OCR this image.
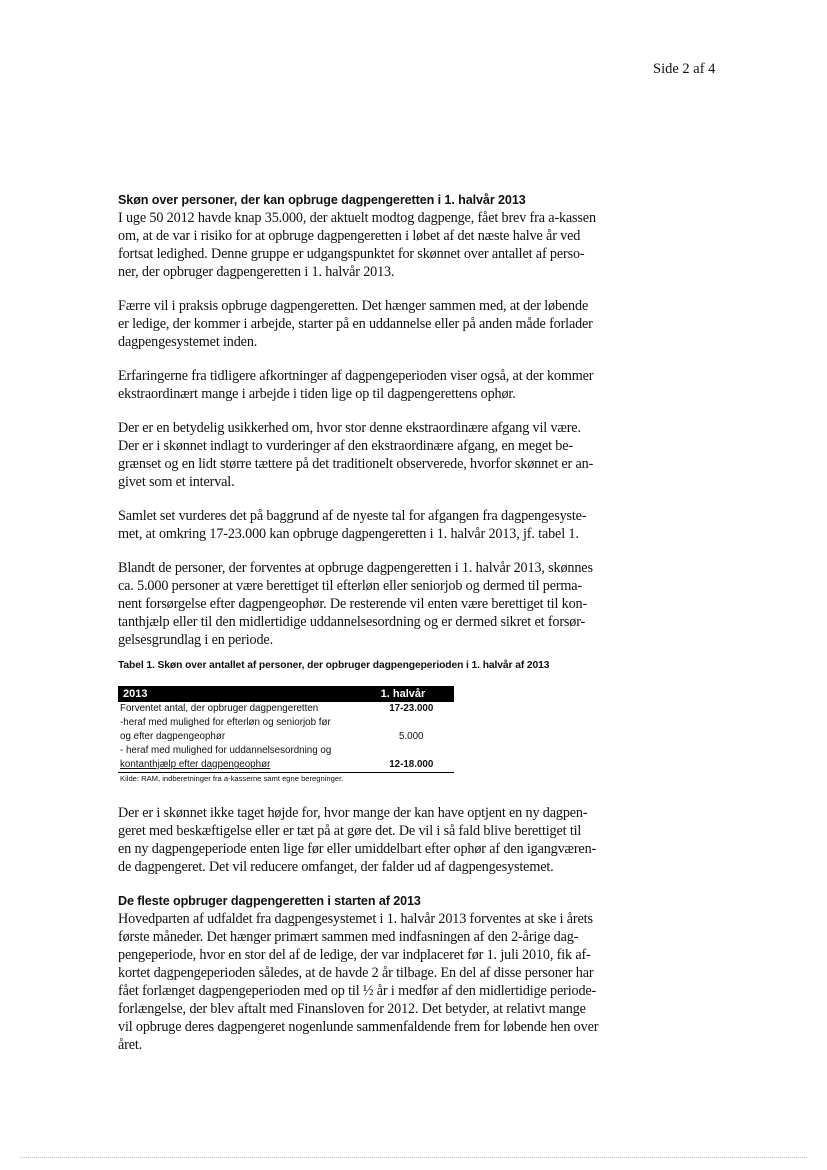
Side 2 af 4
Skøn over personer, der kan opbruge dagpengeretten i 1. halvår 2013
I uge 50 2012 havde knap 35.000, der aktuelt modtog dagpenge, fået brev fra a-kassen
om, at de var i risiko for at opbruge dagpengeretten i løbet af det næste halve år ved
fortsat ledighed. Denne gruppe er udgangspunktet for skønnet over antallet af perso-
ner, der opbruger dagpengeretten i 1. halvår 2013.
Færre vil i praksis opbruge dagpengeretten. Det hænger sammen med, at der løbende
er ledige, der kommer i arbejde, starter på en uddannelse eller på anden måde forlader
dagpengesystemet inden.
Erfaringerne fra tidligere afkortninger af dagpengeperioden viser også, at der kommer
ekstraordinært mange i arbejde i tiden lige op til dagpengerettens ophør.
Der er en betydelig usikkerhed om, hvor stor denne ekstraordinære afgang vil være.
Der er i skønnet indlagt to vurderinger af den ekstraordinære afgang, en meget be-
grænset og en lidt større tættere på det traditionelt observerede, hvorfor skønnet er an-
givet som et interval.
Samlet set vurderes det på baggrund af de nyeste tal for afgangen fra dagpengesyste-
met, at omkring 17-23.000 kan opbruge dagpengeretten i 1. halvår 2013, jf. tabel 1.
Blandt de personer, der forventes at opbruge dagpengeretten i 1. halvår 2013, skønnes
ca. 5.000 personer at være berettiget til efterløn eller seniorjob og dermed til perma-
nent forsørgelse efter dagpengeophør. De resterende vil enten være berettiget til kon-
tanthjælp eller til den midlertidige uddannelsesordning og er dermed sikret et forsør-
gelsesgrundlag i en periode.
Tabel 1. Skøn over antallet af personer, der opbruger dagpengeperioden i 1. halvår af 2013
2013	1. halvår
Forventet antal, der opbruger dagpengeretten	17-23.000
-heraf med mulighed for efterløn og seniorjob før
og efter dagpengeophør	5.000
- heraf med mulighed for uddannelsesordning og
kontanthjælp efter dagpengeophør	12-18.000
Kilde: RAM, indberetninger fra a-kasserne samt egne beregninger.
Der er i skønnet ikke taget højde for, hvor mange der kan have optjent en ny dagpen-
geret med beskæftigelse eller er tæt på at gøre det. De vil i så fald blive berettiget til
en ny dagpengeperiode enten lige før eller umiddelbart efter ophør af den igangværen-
de dagpengeret. Det vil reducere omfanget, der falder ud af dagpengesystemet.
De fleste opbruger dagpengeretten i starten af 2013
Hovedparten af udfaldet fra dagpengesystemet i 1. halvår 2013 forventes at ske i årets
første måneder. Det hænger primært sammen med indfasningen af den 2-årige dag-
pengeperiode, hvor en stor del af de ledige, der var indplaceret før 1. juli 2010, fik af-
kortet dagpengeperioden således, at de havde 2 år tilbage. En del af disse personer har
fået forlænget dagpengeperioden med op til ½ år i medfør af den midlertidige periode-
forlængelse, der blev aftalt med Finansloven for 2012. Det betyder, at relativt mange
vil opbruge deres dagpengeret nogenlunde sammenfaldende frem for løbende hen over
året.
